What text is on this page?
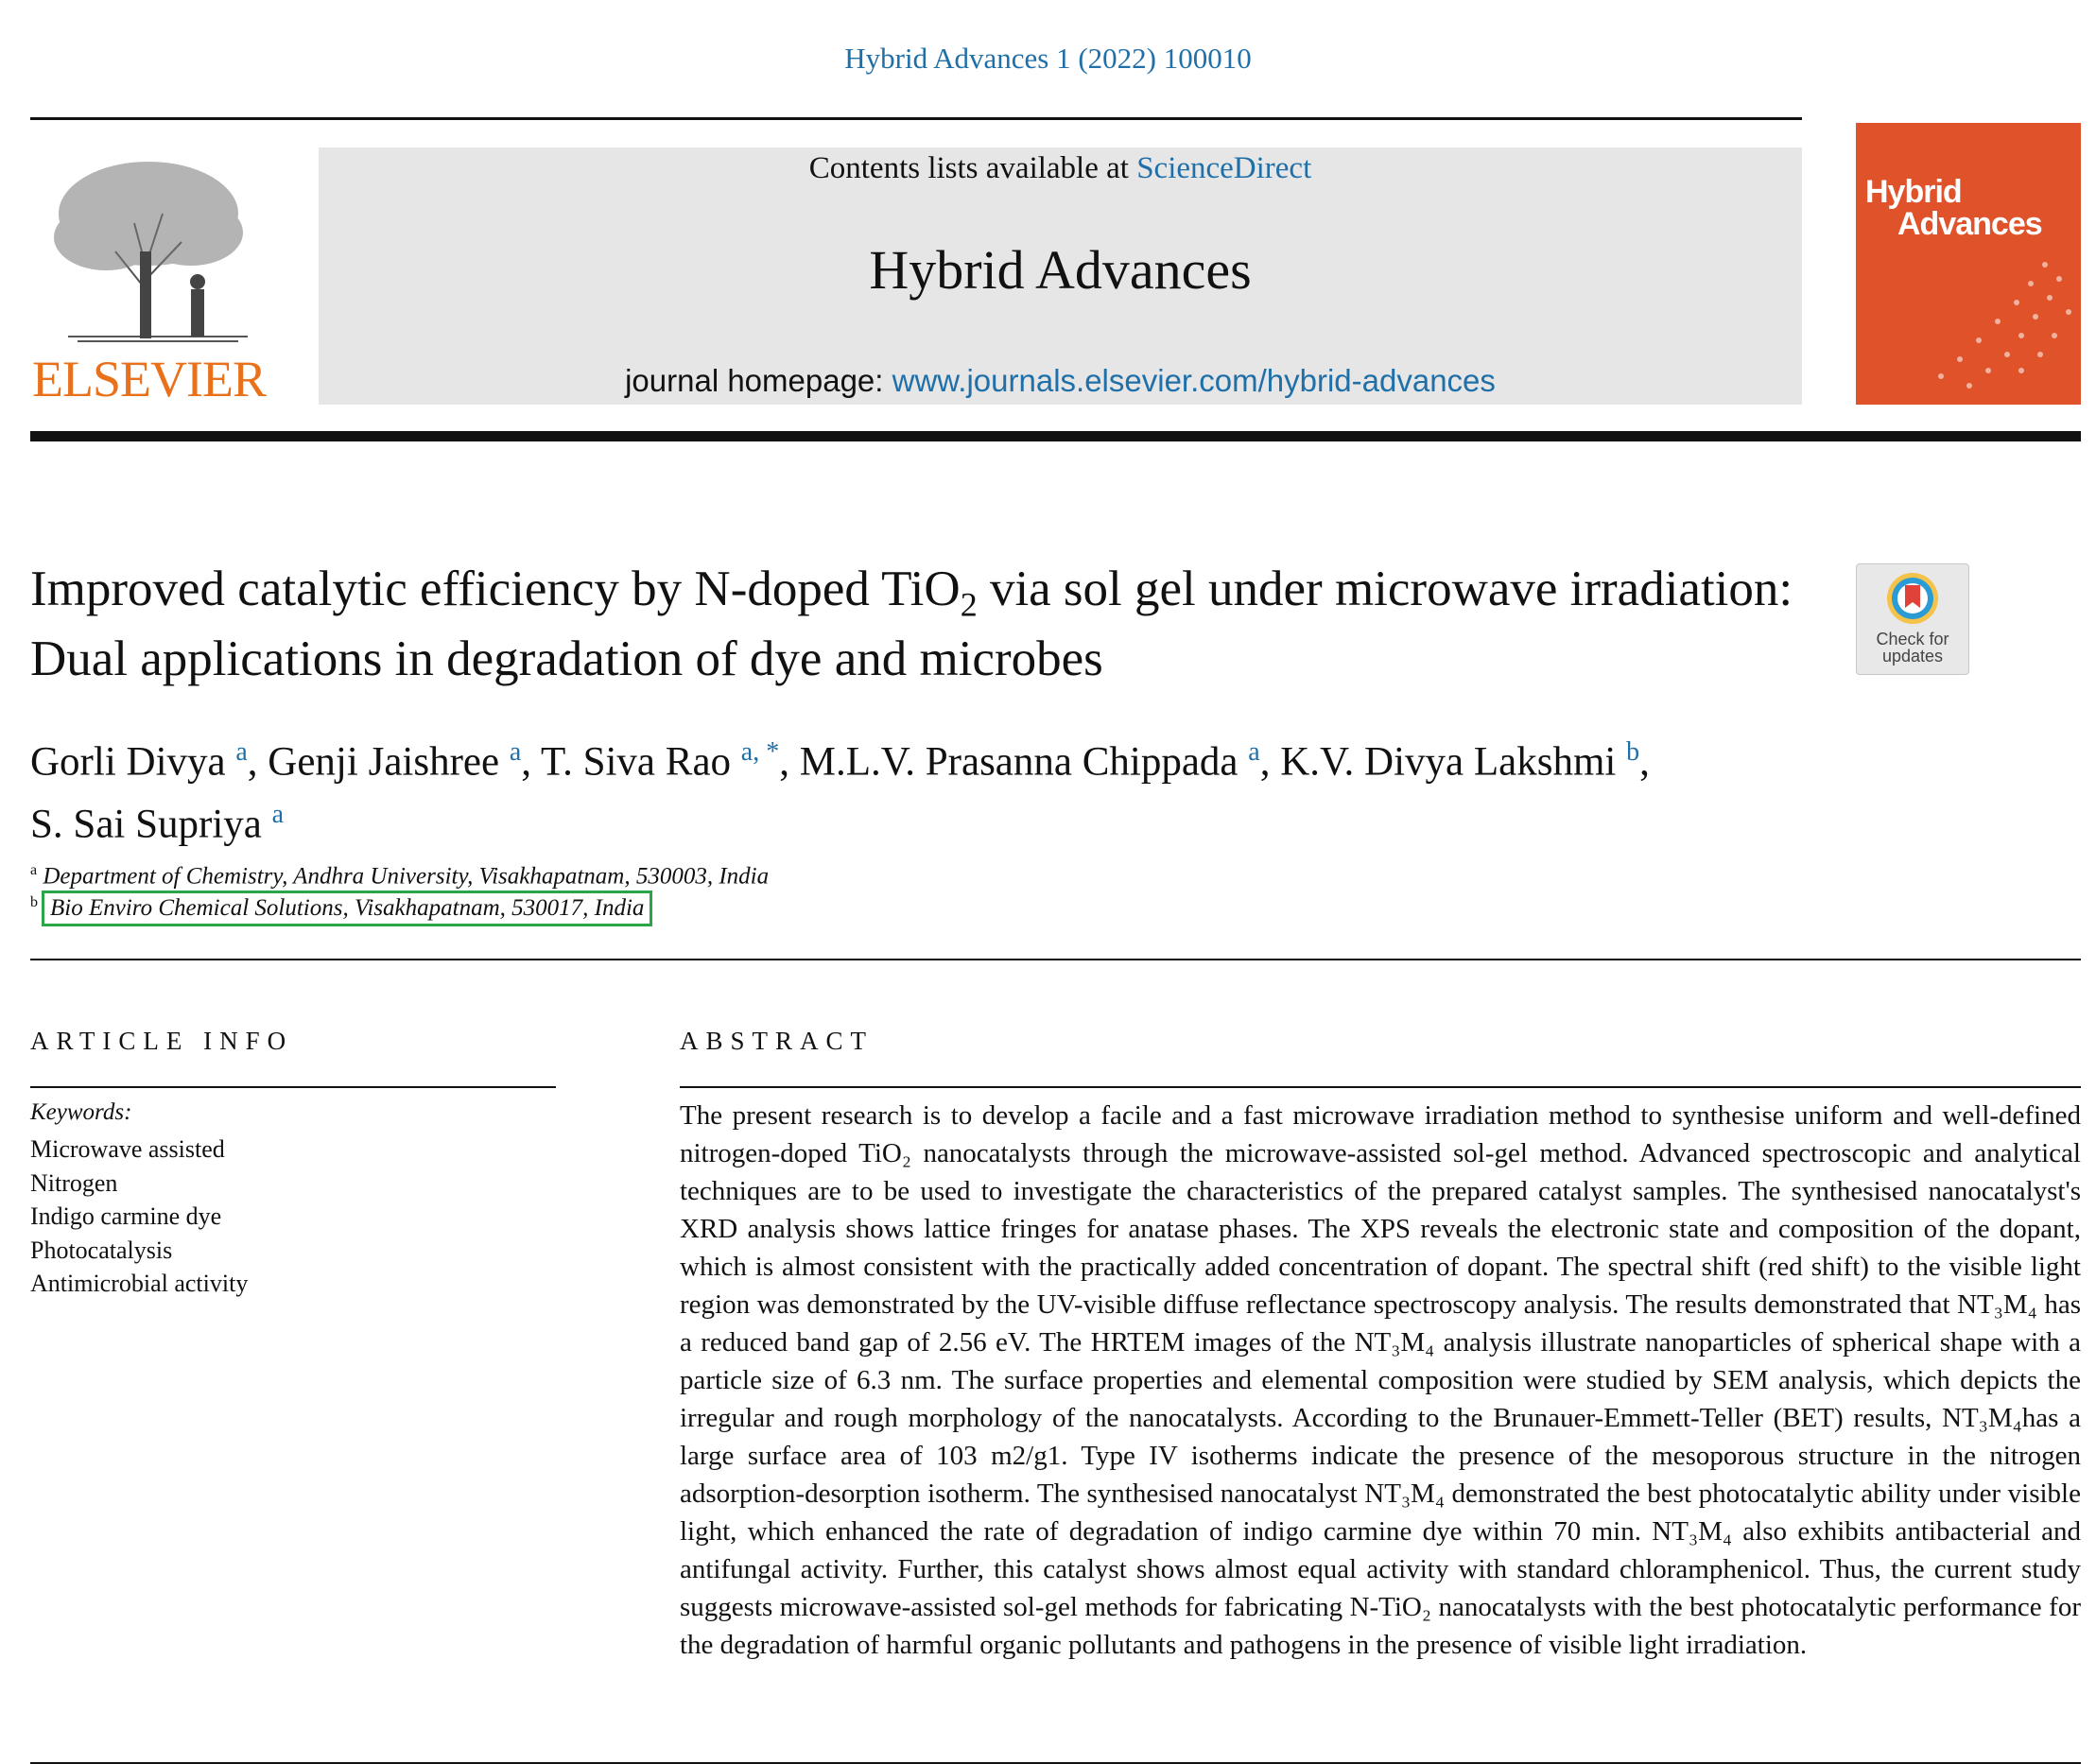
Hybrid Advances 1 (2022) 100010
ELSEVIER
Contents lists available at ScienceDirect
Hybrid Advances
journal homepage: www.journals.elsevier.com/hybrid-advances
Hybrid
Advances
Improved catalytic efficiency by N-doped TiO$_2$ via sol gel under microwave irradiation: Dual applications in degradation of dye and microbes	Check for
updates
Gorli Divya $^a$, Genji Jaishree $^a$, T. Siva Rao $^{a, *}$, M.L.V. Prasanna Chippada $^a$, K.V. Divya Lakshmi $^b$,
S. Sai Supriya $^a$
$^a$ Department of Chemistry, Andhra University, Visakhapatnam, 530003, India
$^b$ Bio Enviro Chemical Solutions, Visakhapatnam, 530017, India
ARTICLE INFO
Keywords:
Microwave assisted
Nitrogen
Indigo carmine dye
Photocatalysis
Antimicrobial activity
ABSTRACT
The present research is to develop a facile and a fast microwave irradiation method to synthesise uniform and well-defined nitrogen-doped TiO₂ nanocatalysts through the microwave-assisted sol-gel method. Advanced spectroscopic and analytical techniques are to be used to investigate the characteristics of the prepared catalyst samples. The synthesised nanocatalyst's XRD analysis shows lattice fringes for anatase phases. The XPS reveals the electronic state and composition of the dopant, which is almost consistent with the practically added concentration of dopant. The spectral shift (red shift) to the visible light region was demonstrated by the UV-visible diffuse reflectance spectroscopy analysis. The results demonstrated that NT₃M₄ has a reduced band gap of 2.56 eV. The HRTEM images of the NT₃M₄ analysis illustrate nanoparticles of spherical shape with a particle size of 6.3 nm. The surface properties and elemental composition were studied by SEM analysis, which depicts the irregular and rough morphology of the nanocatalysts. According to the Brunauer-Emmett-Teller (BET) results, NT₃M₄has a large surface area of 103 m2/g1. Type IV isotherms indicate the presence of the mesoporous structure in the nitrogen adsorption-desorption isotherm. The synthesised nanocatalyst NT₃M₄ demonstrated the best photocatalytic ability under visible light, which enhanced the rate of degradation of indigo carmine dye within 70 min. NT₃M₄ also exhibits antibacterial and antifungal activity. Further, this catalyst shows almost equal activity with standard chloramphenicol. Thus, the current study suggests microwave-assisted sol-gel methods for fabricating N-TiO₂ nanocatalysts with the best photocatalytic performance for the degradation of harmful organic pollutants and pathogens in the presence of visible light irradiation.
